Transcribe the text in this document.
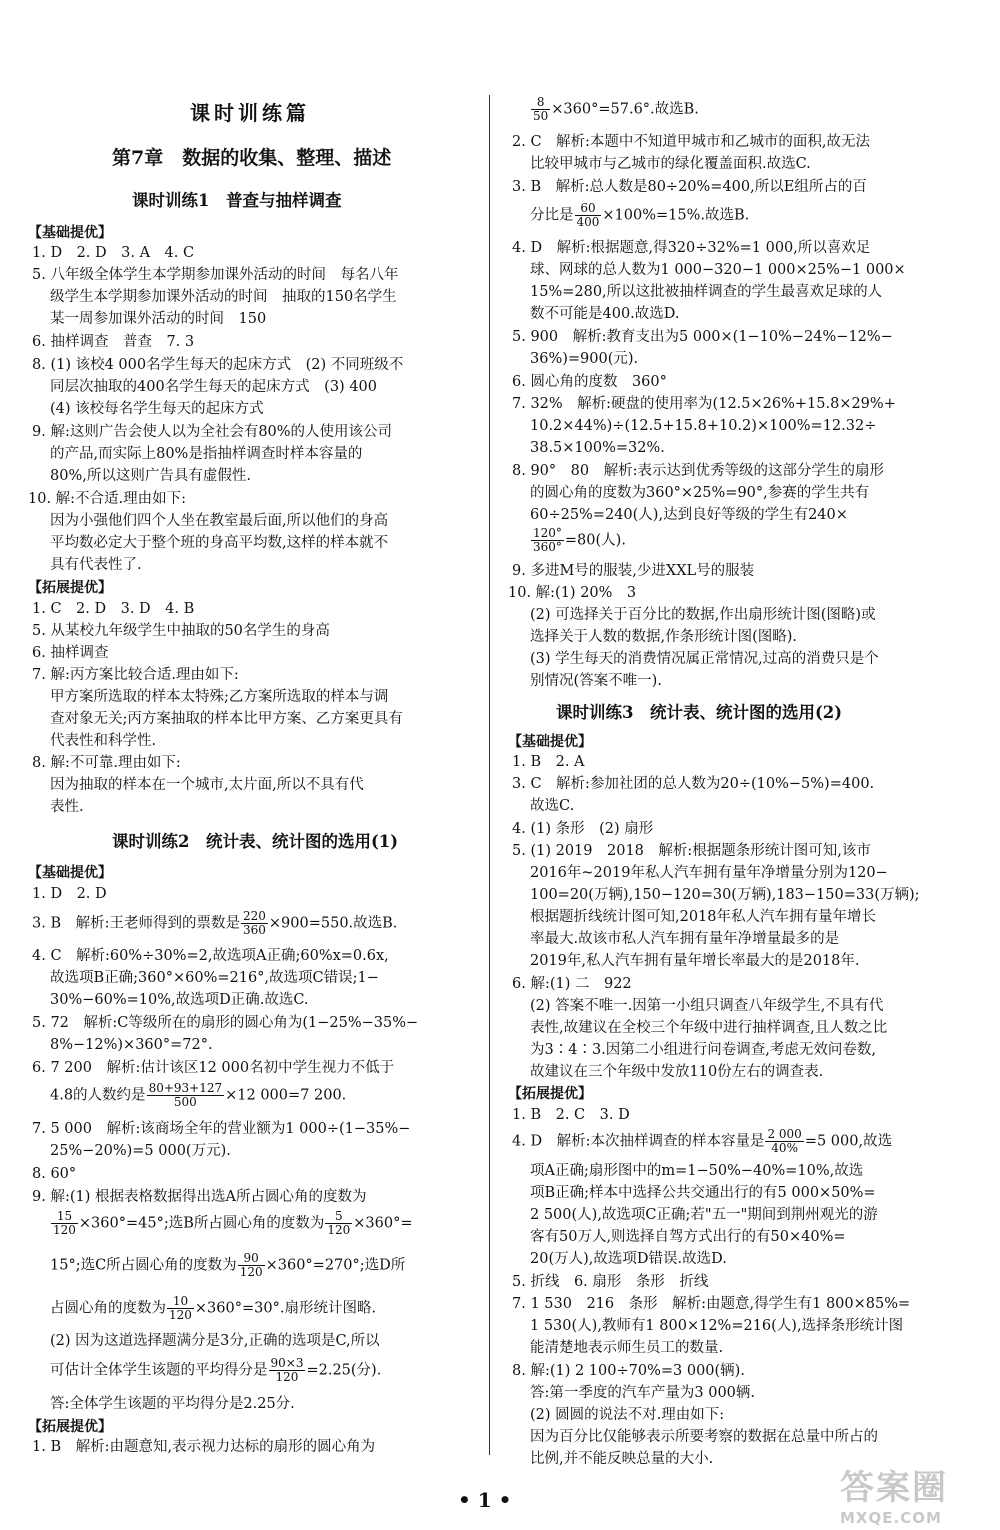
课时训练篇
第7章　数据的收集、整理、描述
课时训练1　普查与抽样调查
【基础提优】
1. D　2. D　3. A　4. C
5. 八年级全体学生本学期参加课外活动的时间　每名八年
级学生本学期参加课外活动的时间　抽取的150名学生
某一周参加课外活动的时间　150
6. 抽样调查　普查　7. 3
8. (1) 该校4 000名学生每天的起床方式　(2) 不同班级不
同层次抽取的400名学生每天的起床方式　(3) 400
(4) 该校每名学生每天的起床方式
9. 解:这则广告会使人以为全社会有80%的人使用该公司
的产品,而实际上80%是指抽样调查时样本容量的
80%,所以这则广告具有虚假性.
10. 解:不合适.理由如下:
因为小强他们四个人坐在教室最后面,所以他们的身高
平均数必定大于整个班的身高平均数,这样的样本就不
具有代表性了.
【拓展提优】
1. C　2. D　3. D　4. B
5. 从某校九年级学生中抽取的50名学生的身高
6. 抽样调查
7. 解:丙方案比较合适.理由如下:
甲方案所选取的样本太特殊;乙方案所选取的样本与调
查对象无关;丙方案抽取的样本比甲方案、乙方案更具有
代表性和科学性.
8. 解:不可靠.理由如下:
因为抽取的样本在一个城市,太片面,所以不具有代
表性.
课时训练2　统计表、统计图的选用(1)
【基础提优】
1. D　2. D
3. B　解析:王老师得到的票数是 $\frac{220}{360} \times 900=550$.故选B.
4. C　解析:60%÷30%=2,故选项A正确;60%x=0.6x,
故选项B正确;360°×60%=216°,故选项C错误;1−
30%−60%=10%,故选项D正确.故选C.
5. 72　解析:C等级所在的扇形的圆心角为(1−25%−35%−
8%−12%)×360°=72°.
6. 7 200　解析:估计该区12 000名初中学生视力不低于
4.8的人数约是 $\frac{80+93+127}{500} \times 12$ 000=7 200.
7. 5 000　解析:该商场全年的营业额为1 000÷(1−35%−
25%−20%)=5 000(万元).
8. 60°
9. 解:(1) 根据表格数据得出选A所占圆心角的度数为
$\frac{15}{120} \times 360^\circ=45^\circ$;选B所占圆心角的度数为 $\frac{5}{120} \times 360^\circ=$
15°;选C所占圆心角的度数为 $\frac{90}{120} \times 360^\circ=270^\circ$;选D所
占圆心角的度数为 $\frac{10}{120} \times 360^\circ=30^\circ$.扇形统计图略.
(2) 因为这道选择题满分是3分,正确的选项是C,所以
可估计全体学生该题的平均得分是 $\frac{90\times 3}{120} =2.25$(分).
答:全体学生该题的平均得分是2.25分.
【拓展提优】
1. B　解析:由题意知,表示视力达标的扇形的圆心角为
$\frac{8}{50} \times 360^\circ=57.6^\circ$.故选B.
2. C　解析:本题中不知道甲城市和乙城市的面积,故无法
比较甲城市与乙城市的绿化覆盖面积.故选C.
3. B　解析:总人数是80÷20%=400,所以E组所占的百
分比是 $\frac{60}{400} \times 100\%=15\%$.故选B.
4. D　解析:根据题意,得320÷32%=1 000,所以喜欢足
球、网球的总人数为1 000−320−1 000×25%−1 000×
15%=280,所以这批被抽样调查的学生最喜欢足球的人
数不可能是400.故选D.
5. 900　解析:教育支出为5 000×(1−10%−24%−12%−
36%)=900(元).
6. 圆心角的度数　360°
7. 32%　解析:硬盘的使用率为(12.5×26%+15.8×29%+
10.2×44%)÷(12.5+15.8+10.2)×100%=12.32÷
38.5×100%=32%.
8. 90°　80　解析:表示达到优秀等级的这部分学生的扇形
的圆心角的度数为360°×25%=90°,参赛的学生共有
60÷25%=240(人),达到良好等级的学生有240×
$\frac{120^\circ}{360^\circ} =80$(人).
9. 多进M号的服装,少进XXL号的服装
10. 解:(1) 20%　3
(2) 可选择关于百分比的数据,作出扇形统计图(图略)或
选择关于人数的数据,作条形统计图(图略).
(3) 学生每天的消费情况属正常情况,过高的消费只是个
别情况(答案不唯一).
课时训练3　统计表、统计图的选用(2)
【基础提优】
1. B　2. A
3. C　解析:参加社团的总人数为20÷(10%−5%)=400.
故选C.
4. (1) 条形　(2) 扇形
5. (1) 2019　2018　解析:根据题条形统计图可知,该市
2016年~2019年私人汽车拥有量年净增量分别为120−
100=20(万辆),150−120=30(万辆),183−150=33(万辆);
根据题折线统计图可知,2018年私人汽车拥有量年增长
率最大.故该市私人汽车拥有量年净增量最多的是
2019年,私人汽车拥有量年增长率最大的是2018年.
6. 解:(1) 二　922
(2) 答案不唯一.因第一小组只调查八年级学生,不具有代
表性,故建议在全校三个年级中进行抽样调查,且人数之比
为3∶4∶3.因第二小组进行问卷调查,考虑无效问卷数,
故建议在三个年级中发放110份左右的调查表.
【拓展提优】
1. B　2. C　3. D
4. D　解析:本次抽样调查的样本容量是 $\frac{2 000}{40\%} =5$ 000,故选
项A正确;扇形图中的m=1−50%−40%=10%,故选
项B正确;样本中选择公共交通出行的有5 000×50%=
2 500(人),故选项C正确;若"五一"期间到荆州观光的游
客有50万人,则选择自驾方式出行的有50×40%=
20(万人),故选项D错误.故选D.
5. 折线　6. 扇形　条形　折线
7. 1 530　216　条形　解析:由题意,得学生有1 800×85%=
1 530(人),教师有1 800×12%=216(人),选择条形统计图
能清楚地表示师生员工的数量.
8. 解:(1) 2 100÷70%=3 000(辆).
答:第一季度的汽车产量为3 000辆.
(2) 圆圆的说法不对.理由如下:
因为百分比仅能够表示所要考察的数据在总量中所占的
比例,并不能反映总量的大小.
• 1 •	答案圈
MXQE.COM
